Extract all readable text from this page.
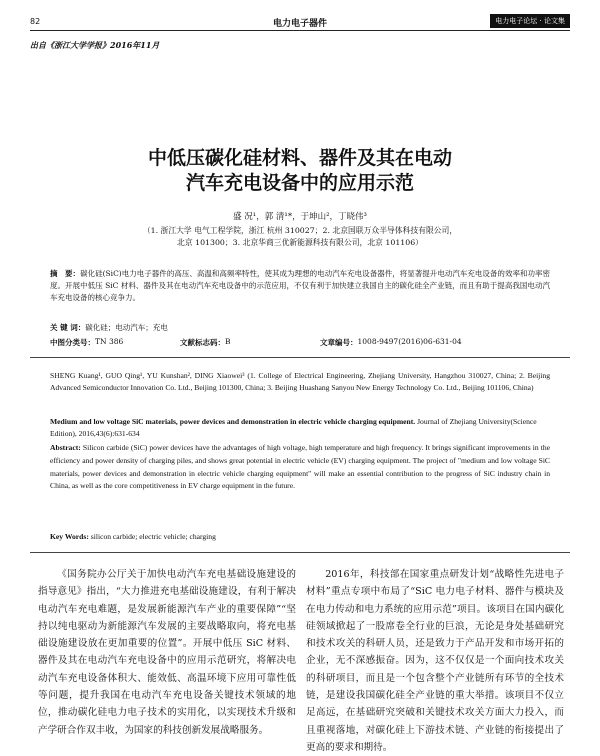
82	电力电子器件	电力电子论坛 · 论文集
出自《浙江大学学报》2016年11月
中低压碳化硅材料、器件及其在电动
汽车充电设备中的应用示范
盛 况¹，郭 清¹*，于坤山²，丁晓伟³
（1. 浙江大学 电气工程学院，浙江 杭州 310027；2. 北京国联万众半导体科技有限公司，
北京 101300；3. 北京华商三优新能源科技有限公司，北京 101106）
摘　要：碳化硅(SiC)电力电子器件的高压、高温和高频率特性，使其成为理想的电动汽车充电设备器件，将显著提升电动汽车充电设备的效率和功率密度。开展中低压 SiC 材料、器件及其在电动汽车充电设备中的示范应用，不仅有利于加快建立我国自主的碳化硅全产业链，而且有助于提高我国电动汽车充电设备的核心竞争力。
关 键 词：碳化硅；电动汽车；充电
中图分类号： TN 386	文献标志码： B	文章编号： 1008-9497(2016)06-631-04
SHENG Kuang¹, GUO Qing¹, YU Kunshan², DING Xiaowei³ (1. College of Electrical Engineering, Zhejiang University, Hangzhou 310027, China; 2. Beijing Advanced Semiconductor Innovation Co. Ltd., Beijing 101300, China; 3. Beijing Huashang Sanyou New Energy Technology Co. Ltd., Beijing 101106, China)
Medium and low voltage SiC materials, power devices and demonstration in electric vehicle charging equipment. Journal of Zhejiang University(Science Edition), 2016,43(6):631-634
Abstract: Silicon carbide (SiC) power devices have the advantages of high voltage, high temperature and high frequency. It brings significant improvements in the efficiency and power density of charging piles, and shows great potential in electric vehicle (EV) charging equipment. The project of "medium and low voltage SiC materials, power devices and demonstration in electric vehicle charging equipment" will make an essential contribution to the progress of SiC industry chain in China, as well as the core competitiveness in EV charge equipment in the future.
Key Words: silicon carbide; electric vehicle; charging
《国务院办公厅关于加快电动汽车充电基础设施建设的指导意见》指出，“大力推进充电基础设施建设，有利于解决电动汽车充电难题，是发展新能源汽车产业的重要保障”“坚持以纯电驱动为新能源汽车发展的主要战略取向，将充电基础设施建设放在更加重要的位置”。开展中低压 SiC 材料、器件及其在电动汽车充电设备中的应用示范研究，将解决电动汽车充电设备体积大、能效低、高温环境下应用可靠性低等问题，提升我国在电动汽车充电设备关键技术领域的地位，推动碳化硅电力电子技术的实用化，以实现技术升级和产学研合作双丰收，为国家的科技创新发展战略服务。
2016年，科技部在国家重点研发计划“战略性先进电子材料”重点专项中布局了“SiC 电力电子材料、器件与模块及在电力传动和电力系统的应用示范”项目。该项目在国内碳化硅领域掀起了一股席卷全行业的巨浪，无论是身处基础研究和技术攻关的科研人员，还是致力于产品开发和市场开拓的企业，无不深感振奋。因为，这不仅仅是一个面向技术攻关的科研项目，而且是一个包含整个产业链所有环节的全技术链，是建设我国碳化硅全产业链的重大举措。该项目不仅立足高远，在基础研究突破和关键技术攻关方面大力投入，而且重视落地，对碳化硅上下游技术链、产业链的衔接提出了更高的要求和期待。
